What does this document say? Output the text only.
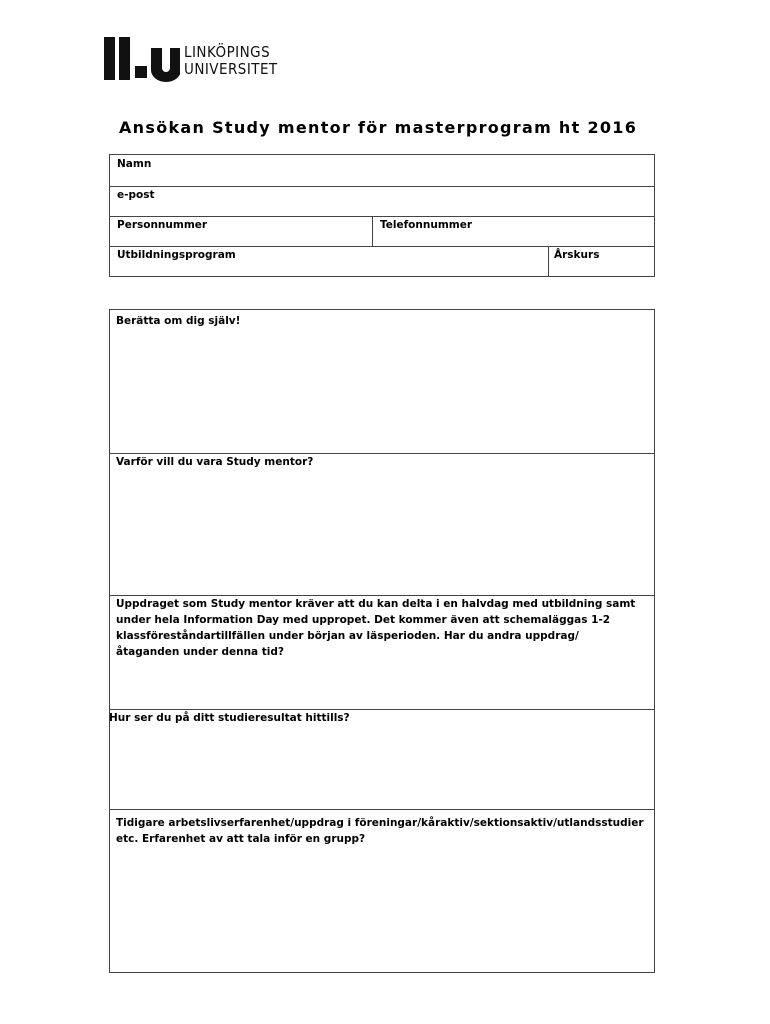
LINKÖPINGS
UNIVERSITET
Ansökan Study mentor för masterprogram ht 2016
Namn
e-post
Personnummer	Telefonnummer
Utbildningsprogram	Årskurs
Berätta om dig själv!
Varför vill du vara Study mentor?
Uppdraget som Study mentor kräver att du kan delta i en halvdag med utbildning samt under hela Information Day med uppropet. Det kommer även att schemaläggas 1-2 klassföreståndartillfällen under början av läsperioden. Har du andra uppdrag/åtaganden under denna tid?
Hur ser du på ditt studieresultat hittills?
Tidigare arbetslivserfarenhet/uppdrag i föreningar/kåraktiv/sektionsaktiv/utlandsstudier etc. Erfarenhet av att tala inför en grupp?
